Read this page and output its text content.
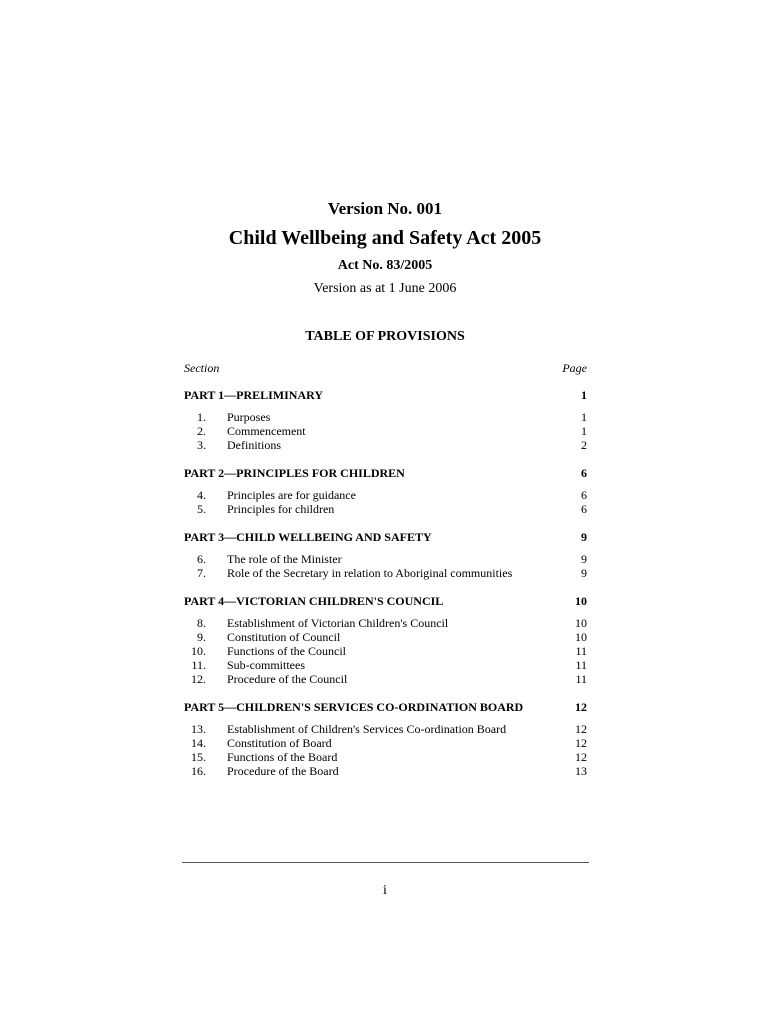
Version No. 001
Child Wellbeing and Safety Act 2005
Act No. 83/2005
Version as at 1 June 2006
TABLE OF PROVISIONS
Section	Page
PART 1—PRELIMINARY	1
1. Purposes	1
2. Commencement	1
3. Definitions	2
PART 2—PRINCIPLES FOR CHILDREN	6
4. Principles are for guidance	6
5. Principles for children	6
PART 3—CHILD WELLBEING AND SAFETY	9
6. The role of the Minister	9
7. Role of the Secretary in relation to Aboriginal communities	9
PART 4—VICTORIAN CHILDREN'S COUNCIL	10
8. Establishment of Victorian Children's Council	10
9. Constitution of Council	10
10. Functions of the Council	11
11. Sub-committees	11
12. Procedure of the Council	11
PART 5—CHILDREN'S SERVICES CO-ORDINATION BOARD	12
13. Establishment of Children's Services Co-ordination Board	12
14. Constitution of Board	12
15. Functions of the Board	12
16. Procedure of the Board	13
i
